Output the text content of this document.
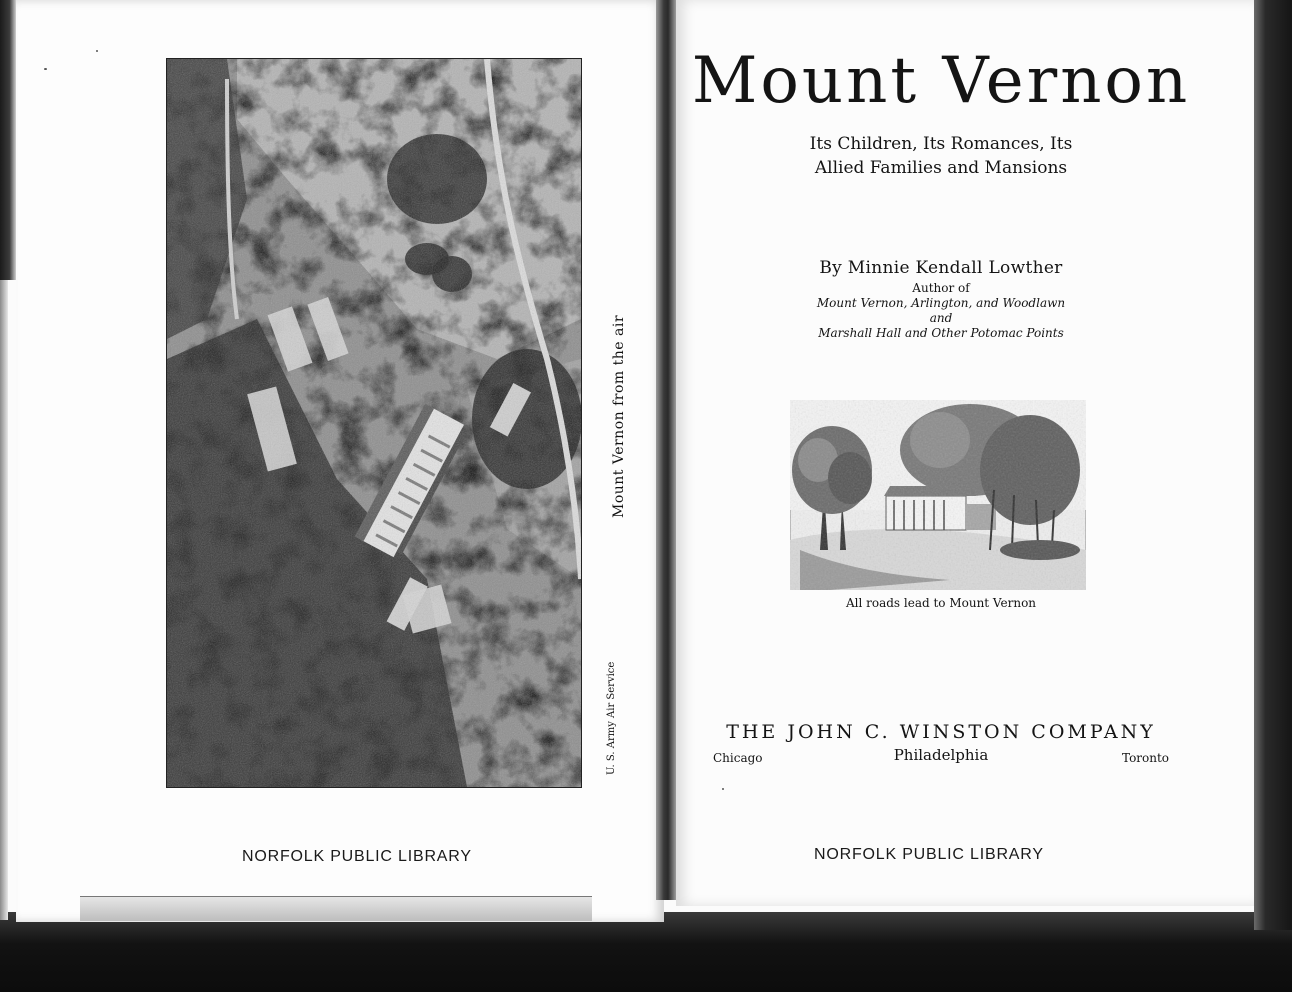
Mount Vernon from the air
U. S. Army Air Service
NORFOLK PUBLIC LIBRARY
Mount Vernon
Its Children, Its Romances, Its
Allied Families and Mansions
By Minnie Kendall Lowther
Author of
Mount Vernon, Arlington, and Woodlawn
and
Marshall Hall and Other Potomac Points
All roads lead to Mount Vernon
THE JOHN C. WINSTON COMPANY
Chicago	Philadelphia	Toronto
NORFOLK PUBLIC LIBRARY
